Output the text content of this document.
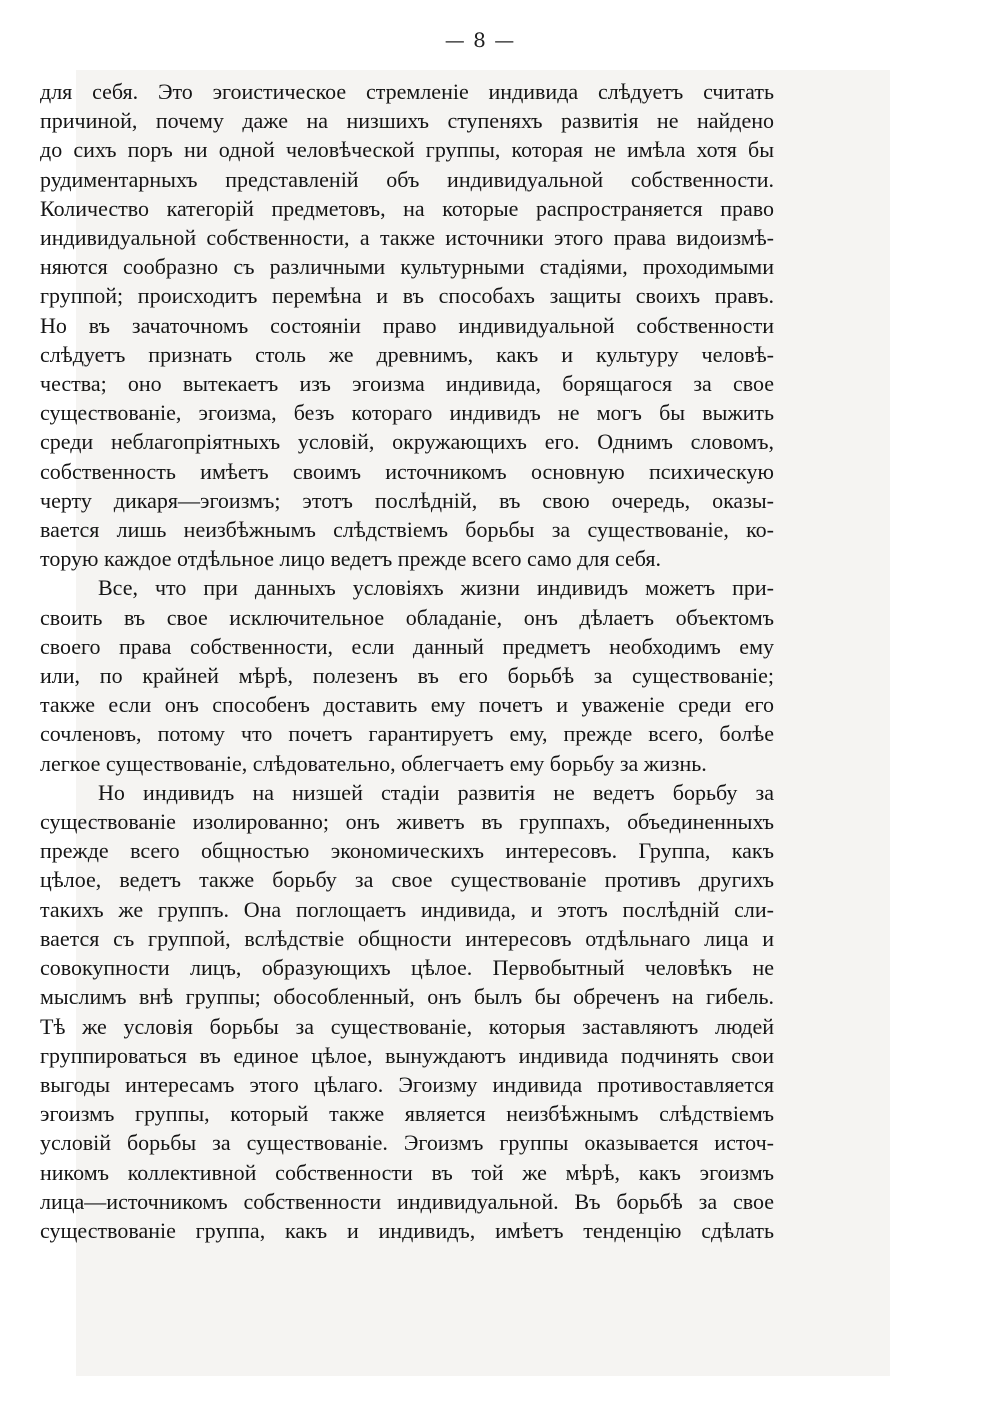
— 8 —
для себя. Это эгоистическое стремленіе индивида слѣдуетъ считать
причиной, почему даже на низшихъ ступеняхъ развитія не найдено
до сихъ поръ ни одной человѣческой группы, которая не имѣла хотя бы
рудиментарныхъ представленій объ индивидуальной собственности.
Количество категорій предметовъ, на которые распространяется право
индивидуальной собственности, а также источники этого права видоизмѣ-
няются сообразно съ различными культурными стадіями, проходимыми
группой; происходитъ перемѣна и въ способахъ защиты своихъ правъ.
Но въ зачаточномъ состояніи право индивидуальной собственности
слѣдуетъ признать столь же древнимъ, какъ и культуру человѣ-
чества; оно вытекаетъ изъ эгоизма индивида, борящагося за свое
существованіе, эгоизма, безъ котораго индивидъ не могъ бы выжить
среди неблагопріятныхъ условій, окружающихъ его. Однимъ словомъ,
собственность имѣетъ своимъ источникомъ основную психическую
черту дикаря—эгоизмъ; этотъ послѣдній, въ свою очередь, оказы-
вается лишь неизбѣжнымъ слѣдствіемъ борьбы за существованіе, ко-
торую каждое отдѣльное лицо ведетъ прежде всего само для себя.
Все, что при данныхъ условіяхъ жизни индивидъ можетъ при-
своить въ свое исключительное обладаніе, онъ дѣлаетъ объектомъ
своего права собственности, если данный предметъ необходимъ ему
или, по крайней мѣрѣ, полезенъ въ его борьбѣ за существованіе;
также если онъ способенъ доставить ему почетъ и уваженіе среди его
сочленовъ, потому что почетъ гарантируетъ ему, прежде всего, болѣе
легкое существованіе, слѣдовательно, облегчаетъ ему борьбу за жизнь.
Но индивидъ на низшей стадіи развитія не ведетъ борьбу за
существованіе изолированно; онъ живетъ въ группахъ, объединенныхъ
прежде всего общностью экономическихъ интересовъ. Группа, какъ
цѣлое, ведетъ также борьбу за свое существованіе противъ другихъ
такихъ же группъ. Она поглощаетъ индивида, и этотъ послѣдній сли-
вается съ группой, вслѣдствіе общности интересовъ отдѣльнаго лица и
совокупности лицъ, образующихъ цѣлое. Первобытный человѣкъ не
мыслимъ внѣ группы; обособленный, онъ былъ бы обреченъ на гибель.
Тѣ же условія борьбы за существованіе, которыя заставляютъ людей
группироваться въ единое цѣлое, вынуждаютъ индивида подчинять свои
выгоды интересамъ этого цѣлаго. Эгоизму индивида противоставляется
эгоизмъ группы, который также является неизбѣжнымъ слѣдствіемъ
условій борьбы за существованіе. Эгоизмъ группы оказывается источ-
никомъ коллективной собственности въ той же мѣрѣ, какъ эгоизмъ
лица—источникомъ собственности индивидуальной. Въ борьбѣ за свое
существованіе группа, какъ и индивидъ, имѣетъ тенденцію сдѣлать
